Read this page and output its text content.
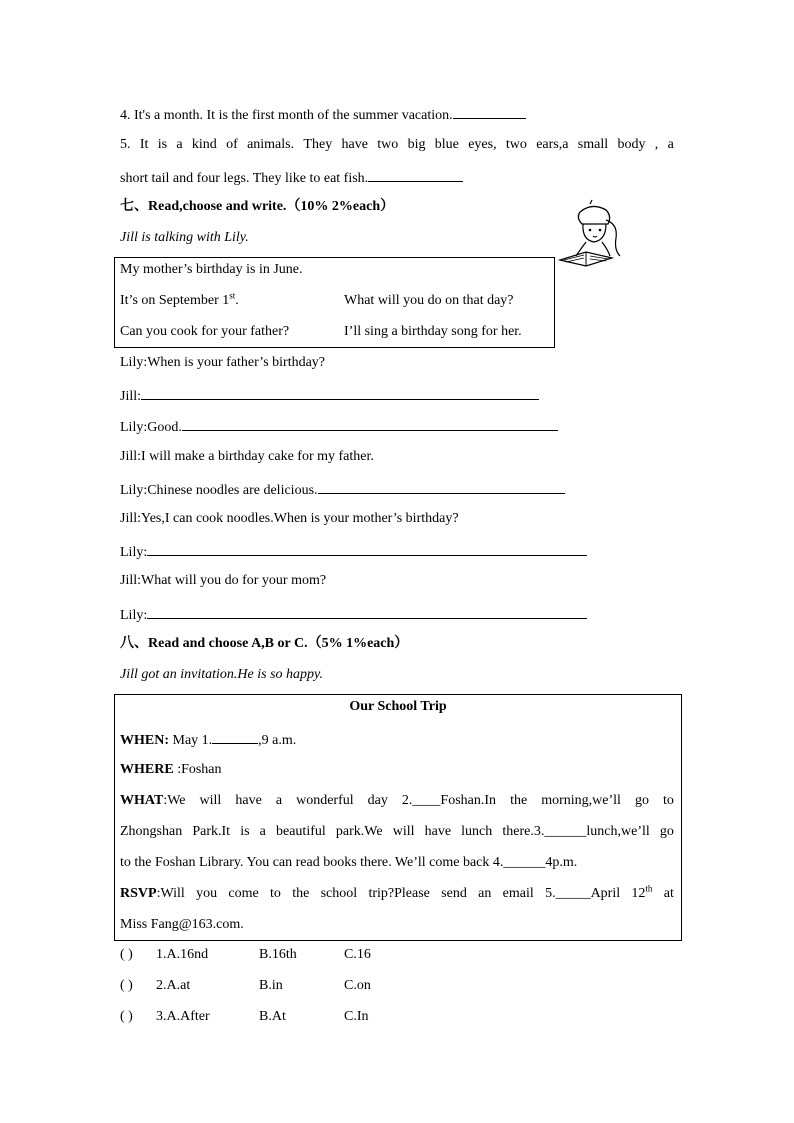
4. It's a month. It is the first month of the summer vacation.
5. It is a kind of animals. They have two big blue eyes, two ears,a small body , a
short tail and four legs. They like to eat fish.
七、Read,choose and write.（10% 2%each）
Jill is talking with Lily.
My mother’s birthday is in June.
It’s on September 1st.	What will you do on that day?
Can you cook for your father?	I’ll sing a birthday song for her.
Lily:When is your father’s birthday?
Jill:
Lily:Good.
Jill:I will make a birthday cake for my father.
Lily:Chinese noodles are delicious.
Jill:Yes,I can cook noodles.When is your mother’s birthday?
Lily:
Jill:What will you do for your mom?
Lily:
八、Read and choose A,B or C.（5% 1%each）
Jill got an invitation.He is so happy.
Our School Trip
WHEN: May 1.	,9 a.m.
WHERE :Foshan
WHAT :We will have a wonderful day 2.____Foshan.In the morning,we’ll go to
Zhongshan Park.It is a beautiful park.We will have lunch there.3.______lunch,we’ll go
to the Foshan Library. You can read books there. We’ll come back 4.______4p.m.
RSVP :Will you come to the school trip?Please send an email 5._____April 12th at
Miss Fang@163.com.
( ) 1.A.16nd	B.16th	C.16
( ) 2.A.at	B.in	C.on
( ) 3.A.After	B.At	C.In
